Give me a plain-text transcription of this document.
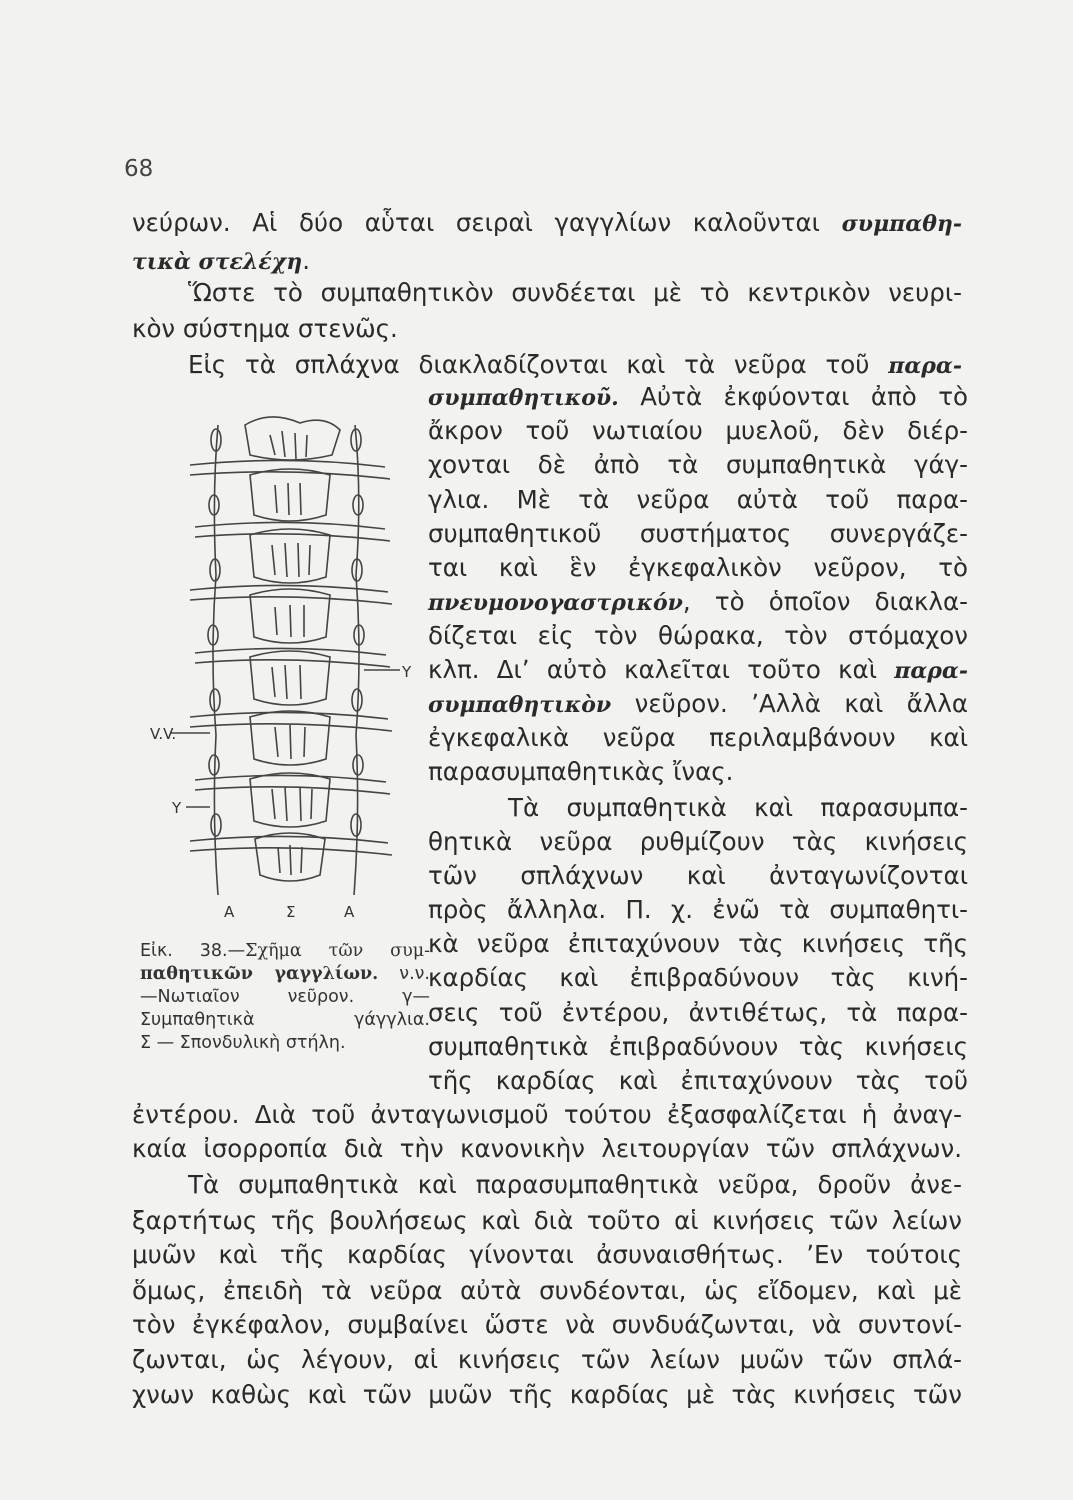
68
νεύρων. Αἱ δύο αὗται σειραὶ γαγγλίων καλοῦνται συμπαθη-
τικὰ στελέχη.
Ὥστε τὸ συμπαθητικὸν συνδέεται μὲ τὸ κεντρικὸν νευρι-
κὸν σύστημα στενῶς.
Εἰς τὰ σπλάχνα διακλαδίζονται καὶ τὰ νεῦρα τοῦ παρα-
συμπαθητικοῦ. Αὐτὰ ἐκφύονται ἀπὸ τὸ
ἄκρον τοῦ νωτιαίου μυελοῦ, δὲν διέρ-
χονται δὲ ἀπὸ τὰ συμπαθητικὰ γάγ-
γλια. Μὲ τὰ νεῦρα αὐτὰ τοῦ παρα-
συμπαθητικοῦ συστήματος συνεργάζε-
ται καὶ ἓν ἐγκεφαλικὸν νεῦρον, τὸ
πνευμονογαστρικόν, τὸ ὁποῖον διακλα-
δίζεται εἰς τὸν θώρακα, τὸν στόμαχον
κλπ. Διʼ αὐτὸ καλεῖται τοῦτο καὶ παρα-
συμπαθητικὸν νεῦρον. ʼΑλλὰ καὶ ἄλλα
ἐγκεφαλικὰ νεῦρα περιλαμβάνουν καὶ
παρασυμπαθητικὰς ἴνας.
Τὰ συμπαθητικὰ καὶ παρασυμπα-
θητικὰ νεῦρα ρυθμίζουν τὰς κινήσεις
τῶν σπλάχνων καὶ ἀνταγωνίζονται
πρὸς ἄλληλα. Π. χ. ἐνῶ τὰ συμπαθητι-
κὰ νεῦρα ἐπιταχύνουν τὰς κινήσεις τῆς
καρδίας καὶ ἐπιβραδύνουν τὰς κινή-
σεις τοῦ ἐντέρου, ἀντιθέτως, τὰ παρα-
συμπαθητικὰ ἐπιβραδύνουν τὰς κινήσεις
τῆς καρδίας καὶ ἐπιταχύνουν τὰς τοῦ
ἐντέρου. Διὰ τοῦ ἀνταγωνισμοῦ τούτου ἐξασφαλίζεται ἡ ἀναγ-
καία ἰσορροπία διὰ τὴν κανονικὴν λειτουργίαν τῶν σπλάχνων.
Τὰ συμπαθητικὰ καὶ παρασυμπαθητικὰ νεῦρα, δροῦν ἀνε-
ξαρτήτως τῆς βουλήσεως καὶ διὰ τοῦτο αἱ κινήσεις τῶν λείων
μυῶν καὶ τῆς καρδίας γίνονται ἀσυναισθήτως. ʼΕν τούτοις
ὅμως, ἐπειδὴ τὰ νεῦρα αὐτὰ συνδέονται, ὡς εἴδομεν, καὶ μὲ
τὸν ἐγκέφαλον, συμβαίνει ὥστε νὰ συνδυάζωνται, νὰ συντονί-
ζωνται, ὡς λέγουν, αἱ κινήσεις τῶν λείων μυῶν τῶν σπλά-
χνων καθὼς καὶ τῶν μυῶν τῆς καρδίας μὲ τὰς κινήσεις τῶν
Y
V.V.
Y
Α	Σ	Α
Εἰκ. 38.—Σχῆμα τῶν συμ-
παθητικῶν γαγγλίων. ν.ν.
—Νωτιαῖον νεῦρον. γ—
Συμπαθητικὰ γάγγλια.
Σ — Σπονδυλικὴ στήλη.
